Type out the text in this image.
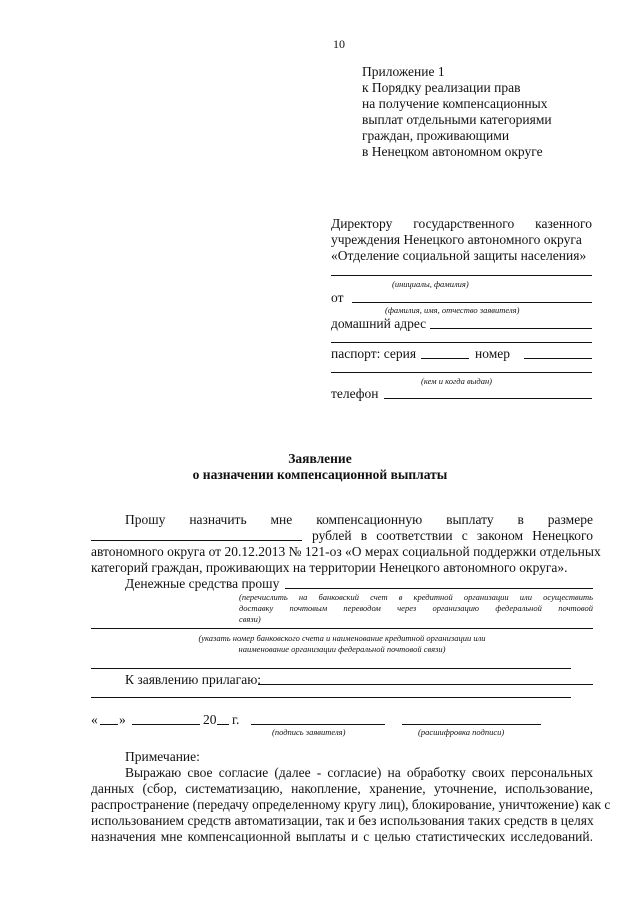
10
Приложение 1
к Порядку реализации прав
на получение компенсационных
выплат отдельными категориями
граждан, проживающими
в Ненецком автономном округе
Директору государственного казенного
учреждения Ненецкого автономного округа
«Отделение социальной защиты населения»
(инициалы, фамилия)
от
(фамилия, имя, отчество заявителя)
домашний адрес
паспорт: серия	номер
(кем и когда выдан)
телефон
Заявление
о назначении компенсационной выплаты
Прошу назначить мне компенсационную выплату в размере
рублей в соответствии с законом Ненецкого
автономного округа от 20.12.2013 № 121-оз «О мерах социальной поддержки отдельных
категорий граждан, проживающих на территории Ненецкого автономного округа».
Денежные средства прошу
(перечислить на банковский счет в кредитной организации или осуществить
доставку почтовым переводом через организацию федеральной почтовой
связи)
(указать номер банковского счета и наименование кредитной организации или
наименование организации федеральной почтовой связи)
К заявлению прилагаю:
« »	20 г.
(подпись заявителя)	(расшифровка подписи)
Примечание:
Выражаю свое согласие (далее - согласие) на обработку своих персональных
данных (сбор, систематизацию, накопление, хранение, уточнение, использование,
распространение (передачу определенному кругу лиц), блокирование, уничтожение) как с
использованием средств автоматизации, так и без использования таких средств в целях
назначения мне компенсационной выплаты и с целью статистических исследований.
